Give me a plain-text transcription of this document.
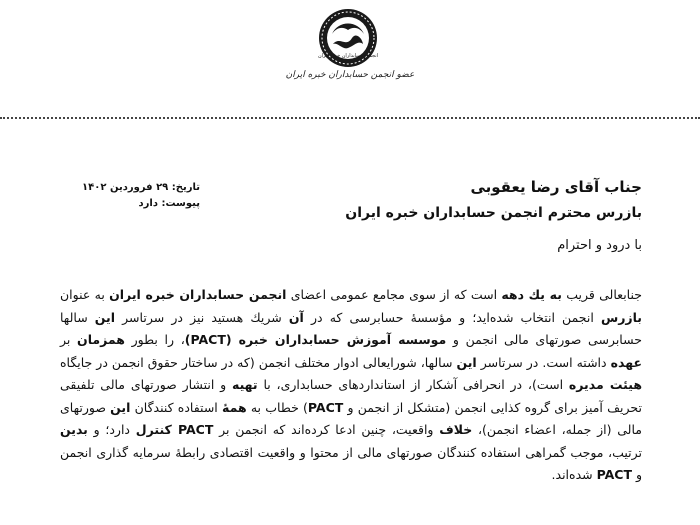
انجمن حسابداران خبره ایران
عضو انجمن حسابداران خبره ایران
جناب آقای رضا یعقوبی
بازرس محترم انجمن حسابداران خبره ایران
تاریخ: ۲۹ فروردین ۱۴۰۲
پیوست: دارد
با درود و احترام

جنابعالی قریب به یك دهه است که از سوی مجامع عمومی اعضای انجمن حسابداران خبره ایران به عنوان بازرس انجمن انتخاب شده‌اید؛ و مؤسسهٔ حسابرسی که در آن شریك هستید نیز در سرتاسر این سالها حسابرسی صورتهای مالی انجمن و موسسه آموزش حسابداران خبره (PACT)، را بطور همزمان بر عهده داشته است. در سرتاسر این سالها، شورایعالی ادوار مختلف انجمن (که در ساختار حقوق انجمن در جایگاه هیئت مدیره است)، در انحرافی آشکار از استانداردهای حسابداری، با تهیه و انتشار صورتهای مالی تلفیقی تحریف آمیز برای گروه کذایی انجمن (متشکل از انجمن و PACT) خطاب به همهٔ استفاده کنندگان این صورتهای مالی (از جمله، اعضاء انجمن)، خلاف واقعیت، چنین ادعا کرده‌اند که انجمن بر PACT کنترل دارد؛ و بدین ترتیب، موجب گمراهی استفاده کنندگان صورتهای مالی از محتوا و واقعیت اقتصادی رابطهٔ سرمایه گذاری انجمن و PACT شده‌اند.
